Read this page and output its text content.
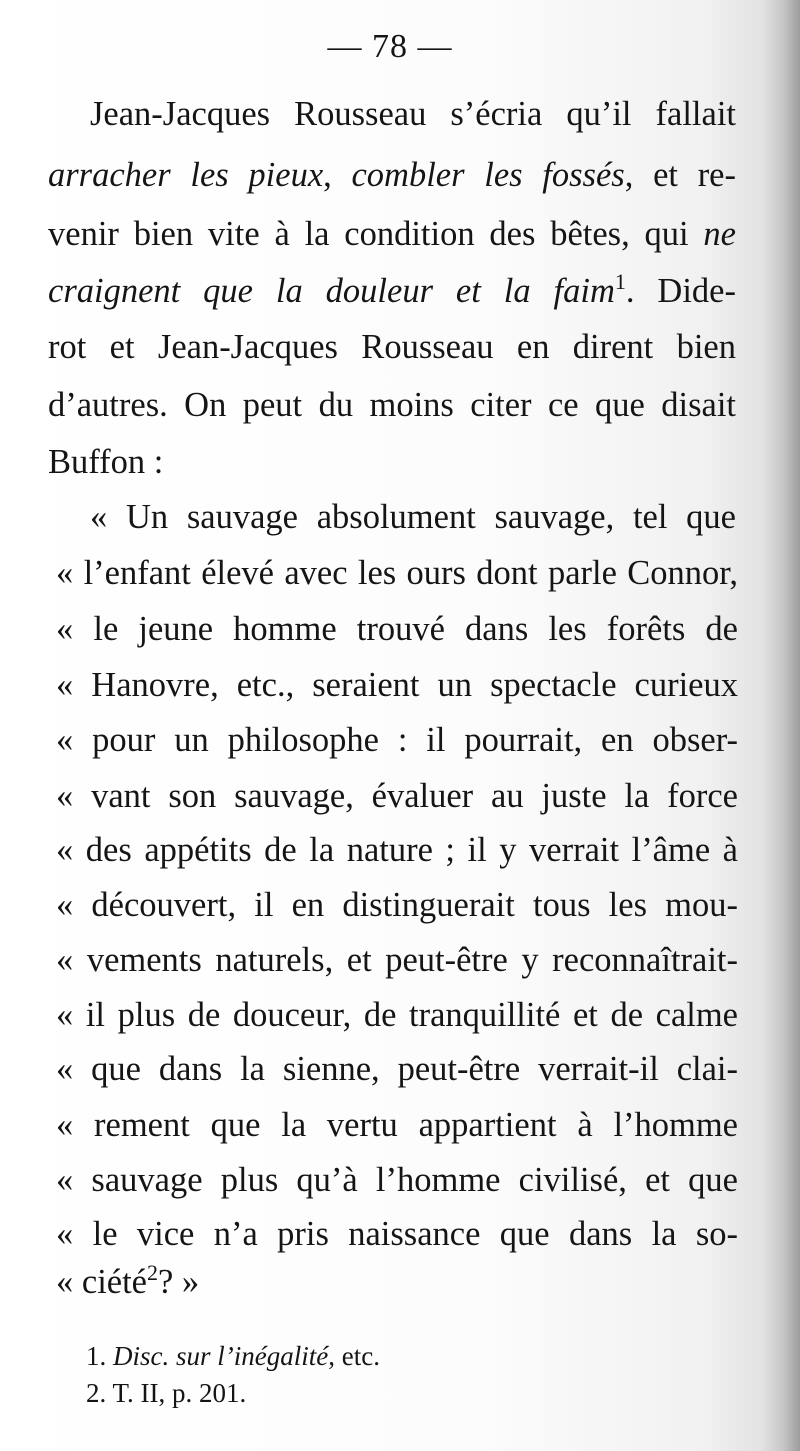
— 78 —
Jean-Jacques Rousseau s’écria qu’il fallait
arracher les pieux, combler les fossés, et re-
venir bien vite à la condition des bêtes, qui ne
craignent que la douleur et la faim$^1$. Dide-
rot et Jean-Jacques Rousseau en dirent bien
d’autres. On peut du moins citer ce que disait
Buffon :
« Un sauvage absolument sauvage, tel que
« l’enfant élevé avec les ours dont parle Connor,
« le jeune homme trouvé dans les forêts de
« Hanovre, etc., seraient un spectacle curieux
« pour un philosophe : il pourrait, en obser-
« vant son sauvage, évaluer au juste la force
« des appétits de la nature ; il y verrait l’âme à
« découvert, il en distinguerait tous les mou-
« vements naturels, et peut-être y reconnaîtrait-
« il plus de douceur, de tranquillité et de calme
« que dans la sienne, peut-être verrait-il clai-
« rement que la vertu appartient à l’homme
« sauvage plus qu’à l’homme civilisé, et que
« le vice n’a pris naissance que dans la so-
« ciété$^2$? »
1. Disc. sur l’inégalité, etc.
2. T. II, p. 201.
